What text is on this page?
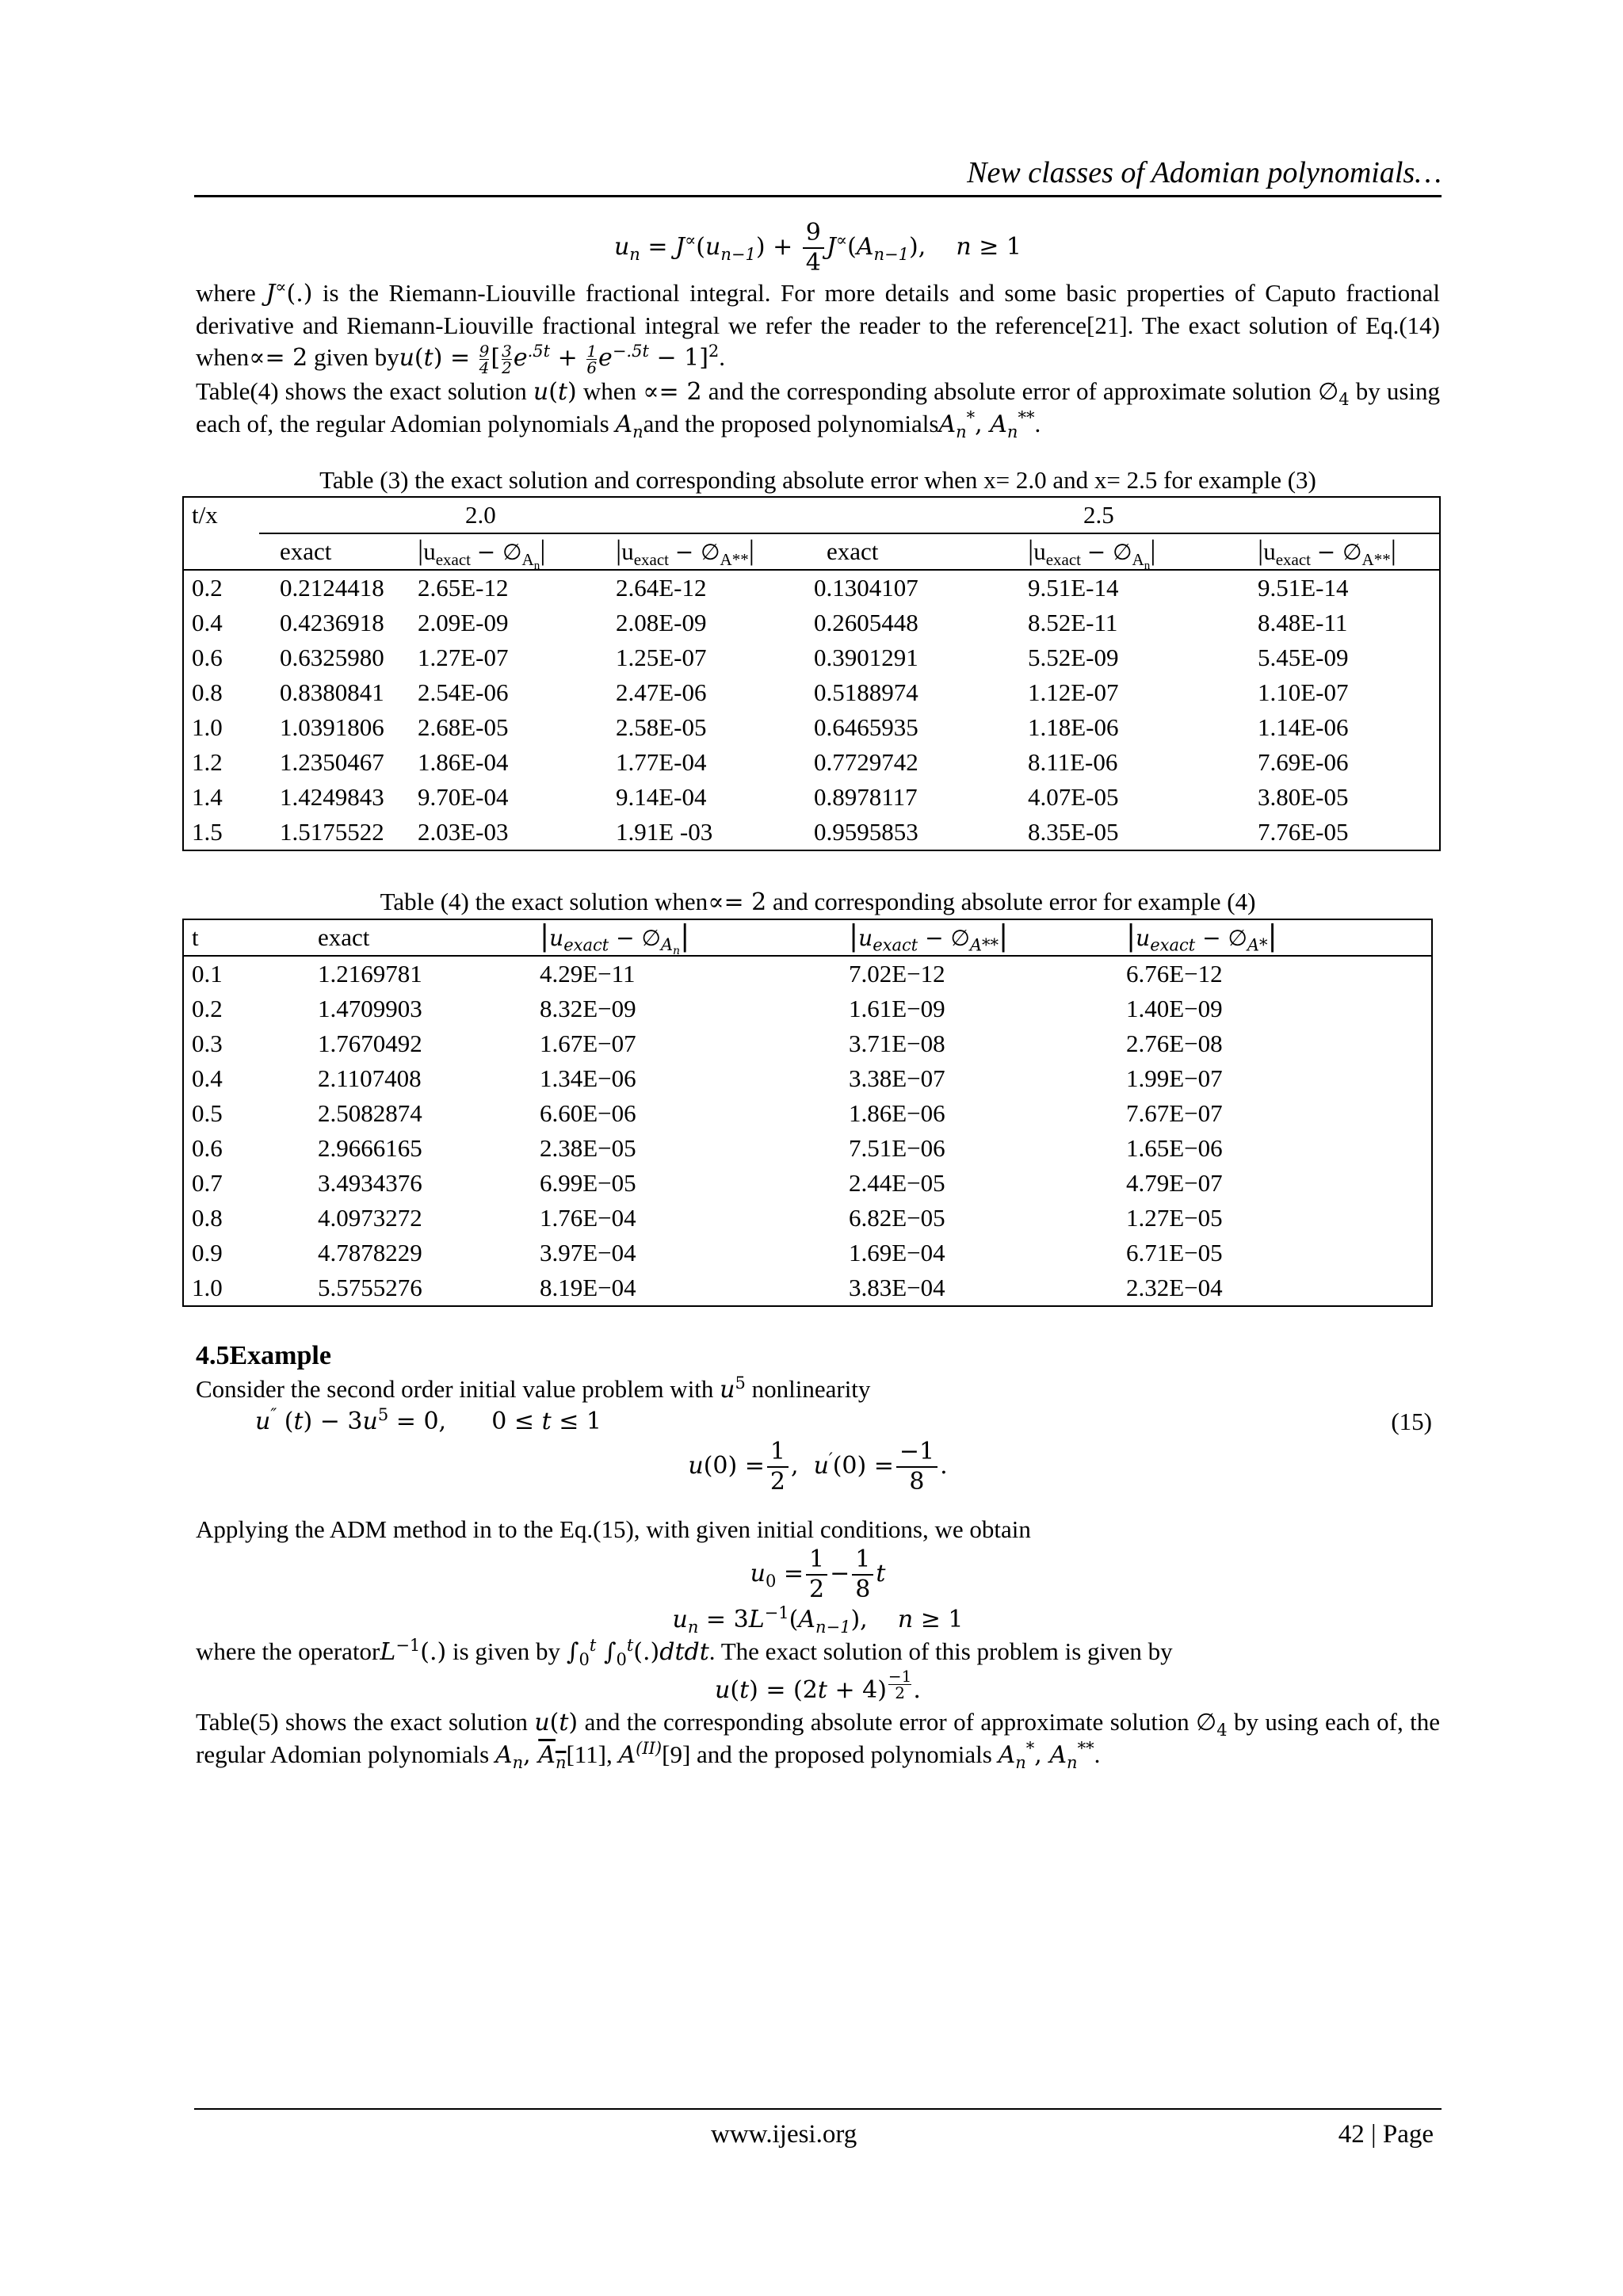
New classes of Adomian polynomials…
$u_n = J^\propto(u_{n-1}) + \frac{9}{4} J^\propto(A_{n-1})$,    n ≥ 1
where J∝(.) is the Riemann-Liouville fractional integral. For more details and some basic properties of Caputo fractional derivative and Riemann-Liouville fractional integral we refer the reader to the reference[21]. The exact solution of Eq.(14) when∝= 2 given $byu(t) = \frac{9}{4}$ [ $\frac{3}{2} e^{.5t} + \frac{1}{6} e^{-.5t} - 1]^2$.
Table(4) shows the exact solution u(t) when ∝= 2 and the corresponding absolute error of approximate solution $\emptyset_4$ by using each of, the regular Adomian polynomials $A_nand$ the proposed polynomialsA$_n$*, $A_n^{**}$.
Table (3) the exact solution and corresponding absolute error when x= 2.0 and x= 2.5 for example (3)
t/x	2.0			2.5		
	exact	$|u_{exact}$ − $\emptyset_{A_n}|$	$|u_{exact}$ − $\emptyset_{A**}|$	exact	$|u_{exact}$ − $\emptyset_{A_n}|$	$|u_{exact}$ − $\emptyset_{A**}|$
0.2	0.2124418	2.65E-12	2.64E-12	0.1304107	9.51E-14	9.51E-14
0.4	0.4236918	2.09E-09	2.08E-09	0.2605448	8.52E-11	8.48E-11
0.6	0.6325980	1.27E-07	1.25E-07	0.3901291	5.52E-09	5.45E-09
0.8	0.8380841	2.54E-06	2.47E-06	0.5188974	1.12E-07	1.10E-07
1.0	1.0391806	2.68E-05	2.58E-05	0.6465935	1.18E-06	1.14E-06
1.2	1.2350467	1.86E-04	1.77E-04	0.7729742	8.11E-06	7.69E-06
1.4	1.4249843	9.70E-04	9.14E-04	0.8978117	4.07E-05	3.80E-05
1.5	1.5175522	2.03E-03	1.91E -03	0.9595853	8.35E-05	7.76E-05
Table (4) the exact solution when∝= 2 and corresponding absolute error for example (4)
t	exact	$|u_{exact}$ − $\emptyset_{A_n}|$	$|u_{exact}$ − $\emptyset_{A**}|$	$|u_{exact}$ − $\emptyset_{A*}|$
0.1	1.2169781	4.29E−11	7.02E−12	6.76E−12
0.2	1.4709903	8.32E−09	1.61E−09	1.40E−09
0.3	1.7670492	1.67E−07	3.71E−08	2.76E−08
0.4	2.1107408	1.34E−06	3.38E−07	1.99E−07
0.5	2.5082874	6.60E−06	1.86E−06	7.67E−07
0.6	2.9666165	2.38E−05	7.51E−06	1.65E−06
0.7	3.4934376	6.99E−05	2.44E−05	4.79E−07
0.8	4.0973272	1.76E−04	6.82E−05	1.27E−05
0.9	4.7878229	3.97E−04	1.69E−04	6.71E−05
1.0	5.5755276	8.19E−04	3.83E−04	2.32E−04
4.5Example
Consider the second order initial value problem with $u^5$ nonlinearity
u″ $(t) - 3u^5 = 0$, 0 ≤ t ≤ 1	(15)
$u(0) = \frac{1}{2}$ ,  $u'(0) = \frac{-1}{8}$ .
Applying the ADM method in to the Eq.(15), with given initial conditions, we obtain
$u_0 = \frac{1}{2} - \frac{1}{8}$ t
$u_n = 3L^{-1}(A_{n-1})$,    n ≥ 1
where the operatorL$^{-1}$(.) is given by $\int_0^t$ $\int_0^t(.)dtdt$. The exact solution of this problem is given by
u(t) = (2t + 4) $^{\frac{-1}{2}}$ .
Table(5) shows the exact solution u(t) and the corresponding absolute error of approximate solution $\emptyset_4$ by using each of, the regular Adomian polynomials $A_n$, $A_n[11]$, $A^{(II)}[9]$ and the proposed polynomials $A_n^*$, $A_n^{**}$.
www.ijesi.org	42 | Page
